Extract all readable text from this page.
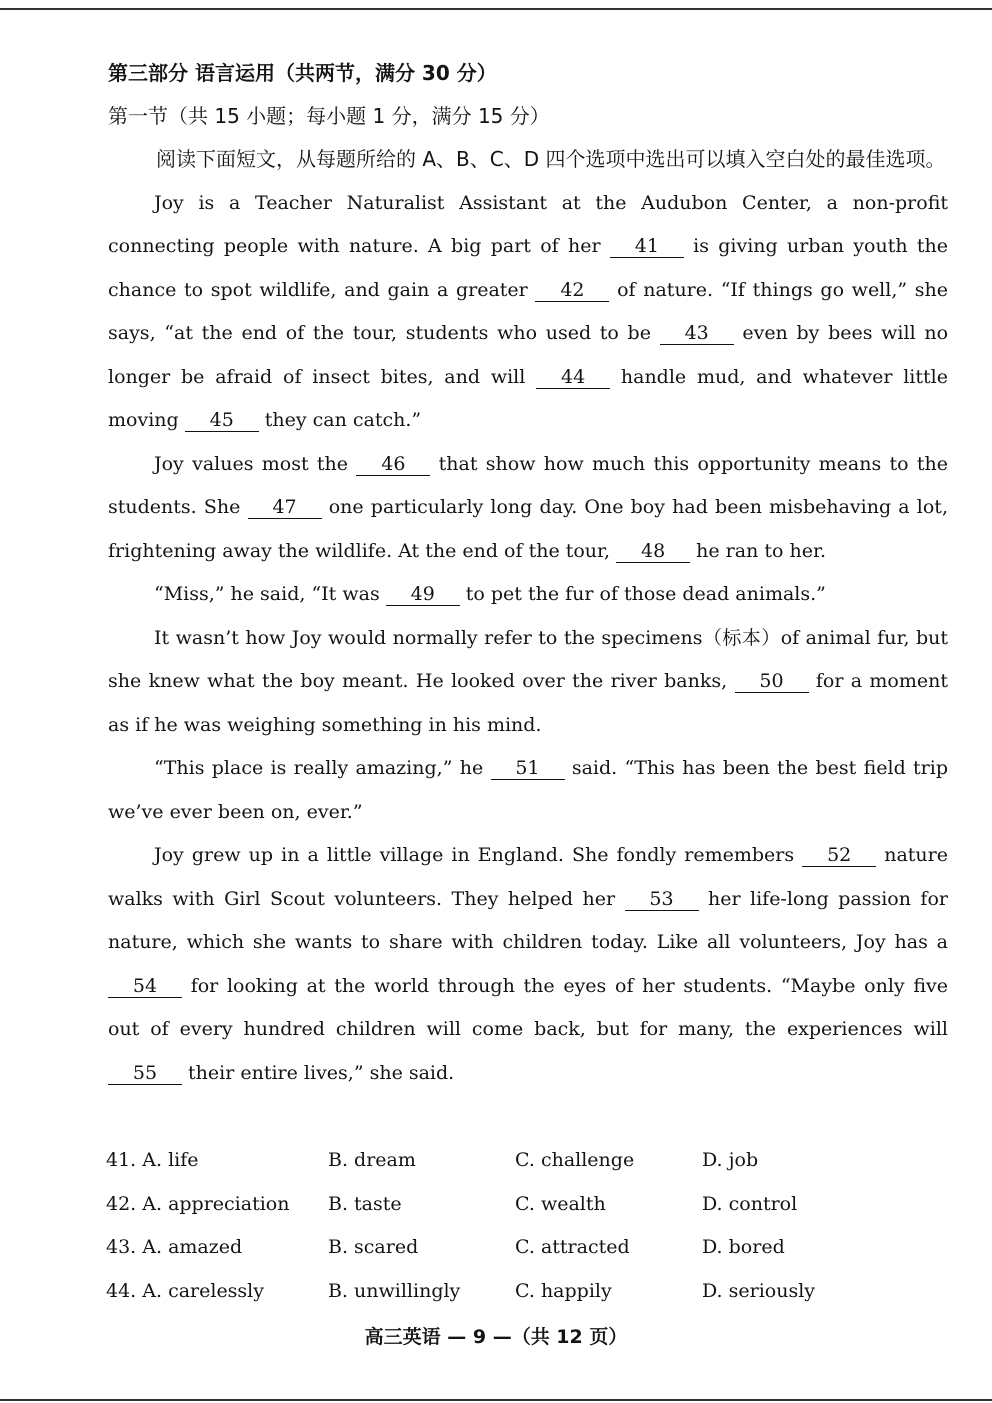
第三部分 语言运用（共两节，满分 30 分）
第一节（共 15 小题；每小题 1 分，满分 15 分）

阅读下面短文，从每题所给的 A、B、C、D 四个选项中选出可以填入空白处的最佳选项。

Joy is a Teacher Naturalist Assistant at the Audubon Center, a non-profit connecting people with nature. A big part of her 41 is giving urban youth the chance to spot wildlife, and gain a greater 42 of nature. “If things go well,” she says, “at the end of the tour, students who used to be 43 even by bees will no longer be afraid of insect bites, and will 44 handle mud, and whatever little moving 45 they can catch.”

Joy values most the 46 that show how much this opportunity means to the students. She 47 one particularly long day. One boy had been misbehaving a lot, frightening away the wildlife. At the end of the tour, 48 he ran to her.

“Miss,” he said, “It was 49 to pet the fur of those dead animals.”

It wasn’t how Joy would normally refer to the specimens（标本）of animal fur, but she knew what the boy meant. He looked over the river banks, 50 for a moment as if he was weighing something in his mind.

“This place is really amazing,” he 51 said. “This has been the best field trip we’ve ever been on, ever.”

Joy grew up in a little village in England. She fondly remembers 52 nature walks with Girl Scout volunteers. They helped her 53 her life-long passion for nature, which she wants to share with children today. Like all volunteers, Joy has a 54 for looking at the world through the eyes of her students. “Maybe only five out of every hundred children will come back, but for many, the experiences will 55 their entire lives,” she said.

41. A. life	B. dream	C. challenge	D. job
42. A. appreciation B. taste	C. wealth	D. control
43. A. amazed	B. scared	C. attracted	D. bored
44. A. carelessly	B. unwillingly	C. happily	D. seriously
高三英语 — 9 —（共 12 页）
